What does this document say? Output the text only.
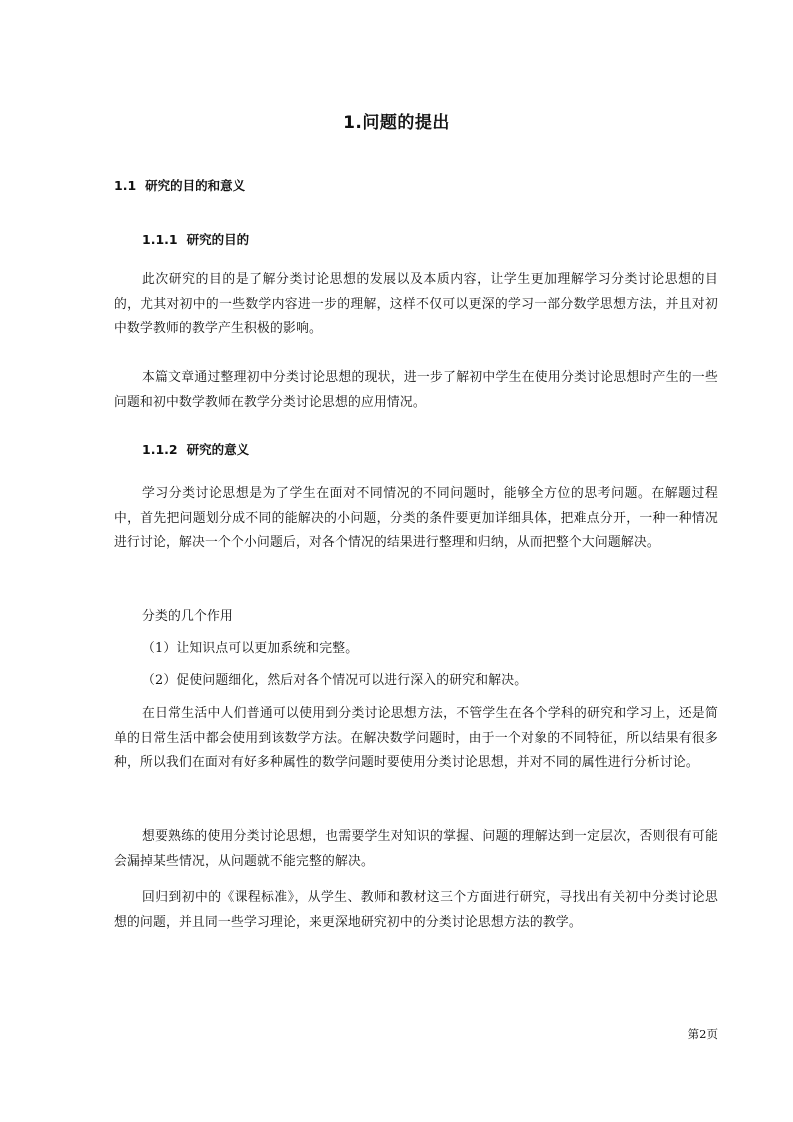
1.问题的提出
1.1 研究的目的和意义
1.1.1 研究的目的

此次研究的目的是了解分类讨论思想的发展以及本质内容，让学生更加理解学习分类讨论思想的目的，尤其对初中的一些数学内容进一步的理解，这样不仅可以更深的学习一部分数学思想方法，并且对初中数学教师的教学产生积极的影响。

本篇文章通过整理初中分类讨论思想的现状，进一步了解初中学生在使用分类讨论思想时产生的一些问题和初中数学教师在教学分类讨论思想的应用情况。

1.1.2 研究的意义

学习分类讨论思想是为了学生在面对不同情况的不同问题时，能够全方位的思考问题。在解题过程中，首先把问题划分成不同的能解决的小问题，分类的条件要更加详细具体，把难点分开，一种一种情况进行讨论，解决一个个小问题后，对各个情况的结果进行整理和归纳，从而把整个大问题解决。

分类的几个作用

（1）让知识点可以更加系统和完整。

（2）促使问题细化，然后对各个情况可以进行深入的研究和解决。

在日常生活中人们普通可以使用到分类讨论思想方法，不管学生在各个学科的研究和学习上，还是简单的日常生活中都会使用到该数学方法。在解决数学问题时，由于一个对象的不同特征，所以结果有很多种，所以我们在面对有好多种属性的数学问题时要使用分类讨论思想，并对不同的属性进行分析讨论。

想要熟练的使用分类讨论思想，也需要学生对知识的掌握、问题的理解达到一定层次，否则很有可能会漏掉某些情况，从问题就不能完整的解决。

回归到初中的《课程标准》，从学生、教师和教材这三个方面进行研究，寻找出有关初中分类讨论思想的问题，并且同一些学习理论，来更深地研究初中的分类讨论思想方法的教学。

第2页
